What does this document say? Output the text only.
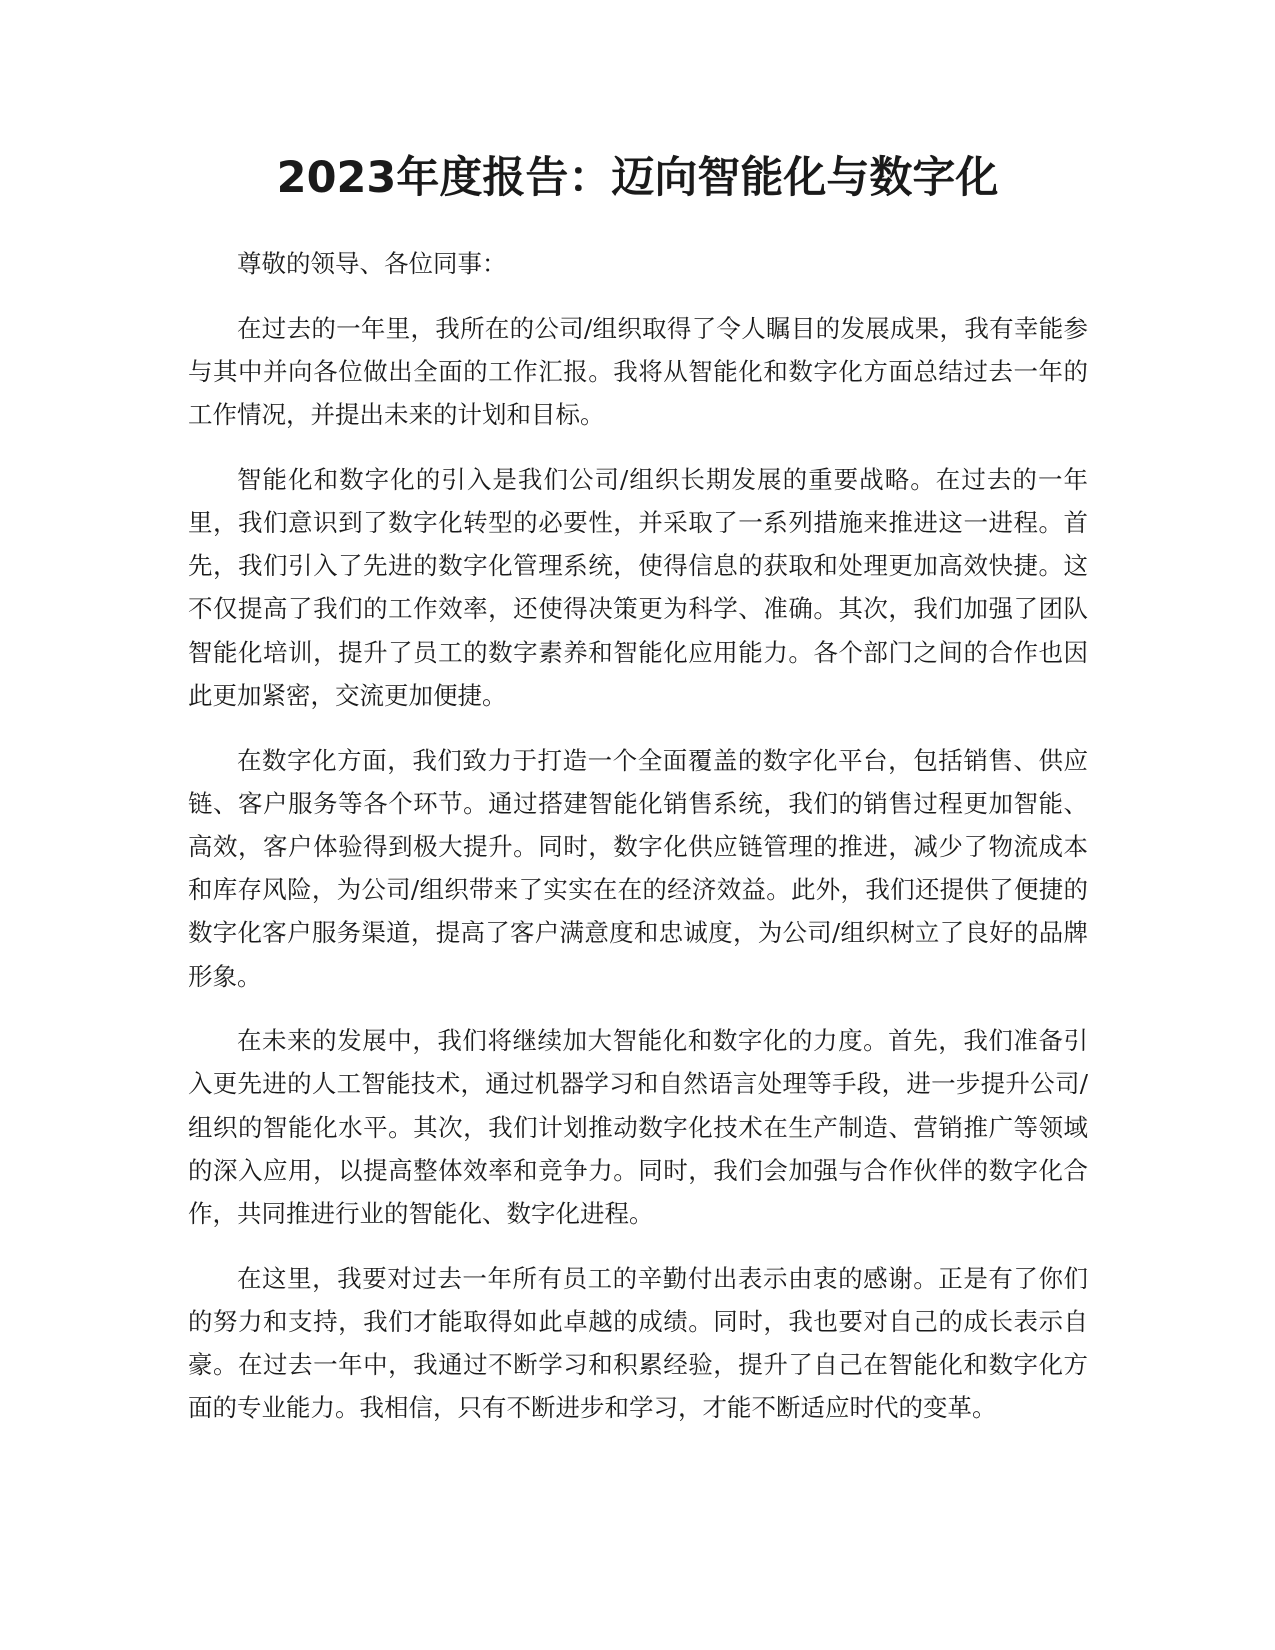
2023年度报告：迈向智能化与数字化

尊敬的领导、各位同事：

在过去的一年里，我所在的公司/组织取得了令人瞩目的发展成果，我有幸能参与其中并向各位做出全面的工作汇报。我将从智能化和数字化方面总结过去一年的工作情况，并提出未来的计划和目标。

智能化和数字化的引入是我们公司/组织长期发展的重要战略。在过去的一年里，我们意识到了数字化转型的必要性，并采取了一系列措施来推进这一进程。首先，我们引入了先进的数字化管理系统，使得信息的获取和处理更加高效快捷。这不仅提高了我们的工作效率，还使得决策更为科学、准确。其次，我们加强了团队智能化培训，提升了员工的数字素养和智能化应用能力。各个部门之间的合作也因此更加紧密，交流更加便捷。

在数字化方面，我们致力于打造一个全面覆盖的数字化平台，包括销售、供应链、客户服务等各个环节。通过搭建智能化销售系统，我们的销售过程更加智能、高效，客户体验得到极大提升。同时，数字化供应链管理的推进，减少了物流成本和库存风险，为公司/组织带来了实实在在的经济效益。此外，我们还提供了便捷的数字化客户服务渠道，提高了客户满意度和忠诚度，为公司/组织树立了良好的品牌形象。

在未来的发展中，我们将继续加大智能化和数字化的力度。首先，我们准备引入更先进的人工智能技术，通过机器学习和自然语言处理等手段，进一步提升公司/组织的智能化水平。其次，我们计划推动数字化技术在生产制造、营销推广等领域的深入应用，以提高整体效率和竞争力。同时，我们会加强与合作伙伴的数字化合作，共同推进行业的智能化、数字化进程。

在这里，我要对过去一年所有员工的辛勤付出表示由衷的感谢。正是有了你们的努力和支持，我们才能取得如此卓越的成绩。同时，我也要对自己的成长表示自豪。在过去一年中，我通过不断学习和积累经验，提升了自己在智能化和数字化方面的专业能力。我相信，只有不断进步和学习，才能不断适应时代的变革。
